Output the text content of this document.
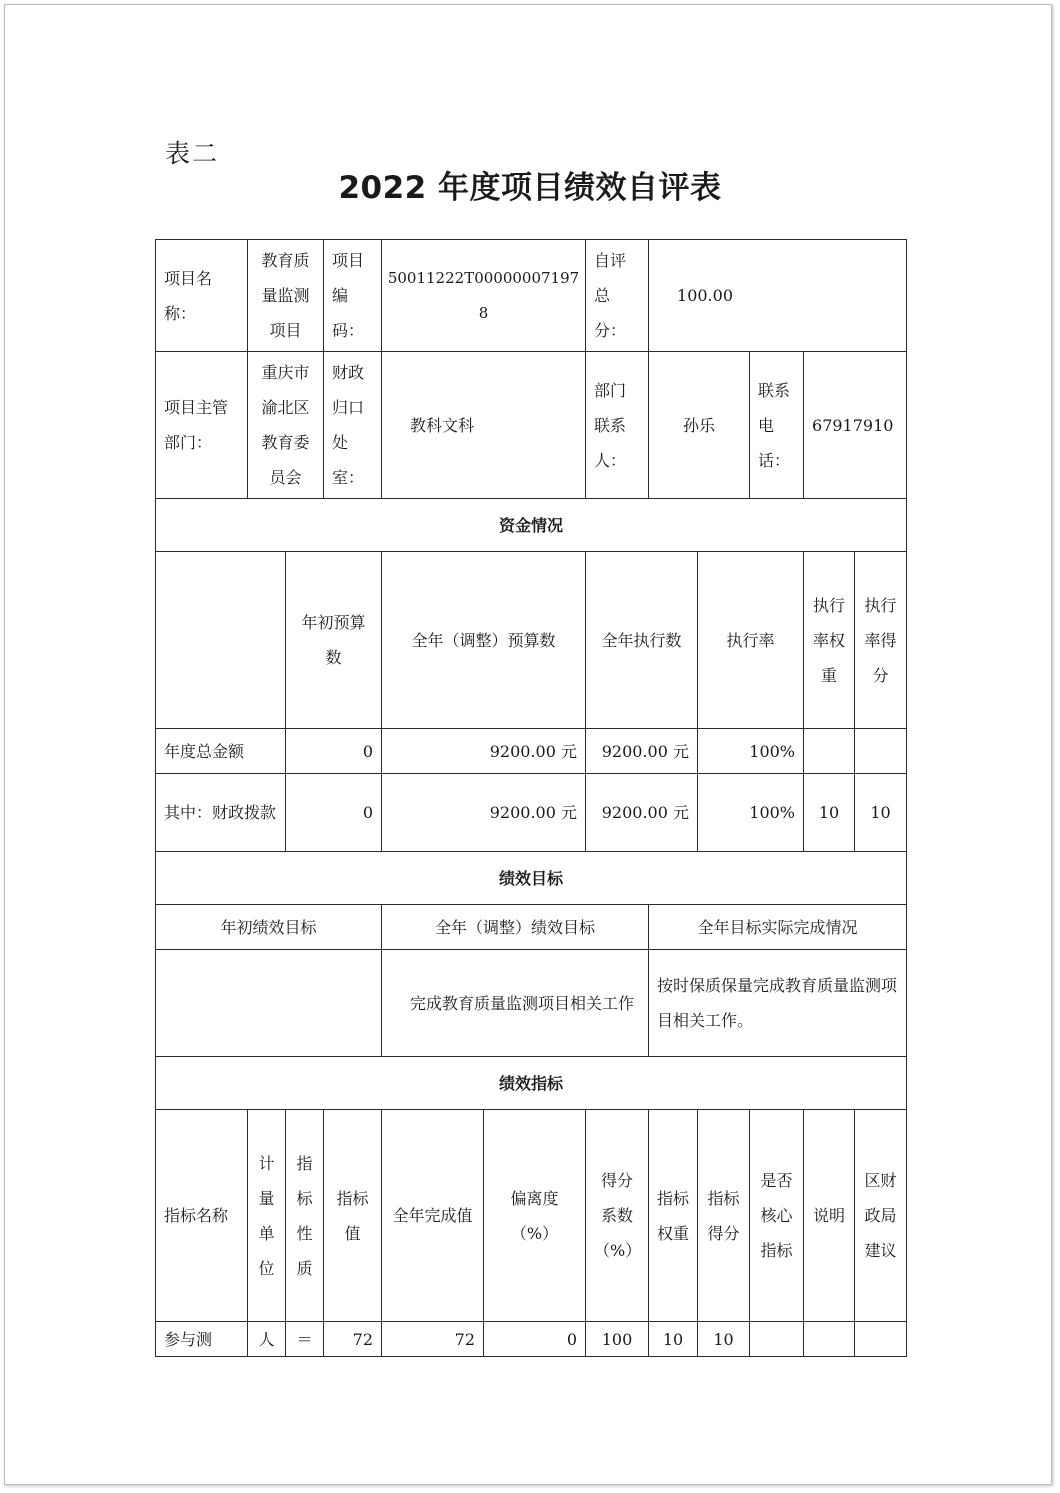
表二
2022 年度项目绩效自评表
项目名称：	教育质量监测项目		项目编码：	50011222T000000071978		自评总分：	100.00				
项目主管部门：	重庆市渝北区教育委员会		财政归口处室：	教科文科		部门联系人：	孙乐		联系电话：	67917910	
资金情况											
		年初预算数		全年（调整）预算数		全年执行数		执行率		执行率权重	执行率得分
年度总金额		0		9200.00 元		9200.00 元		100%			
其中：财政拨款		0		9200.00 元		9200.00 元		100%		10	10
绩效目标											
年初绩效目标				全年（调整）绩效目标			全年目标实际完成情况				
				完成教育质量监测项目相关工作			按时保质保量完成教育质量监测项目相关工作。				
绩效指标											
指标名称	计量单位	指标性质	指标值	全年完成值	偏离度（%）	得分系数（%）	指标权重	指标得分	是否核心指标	说明	区财政局建议
参与测	人	＝	72	72	0	100	10	10			
